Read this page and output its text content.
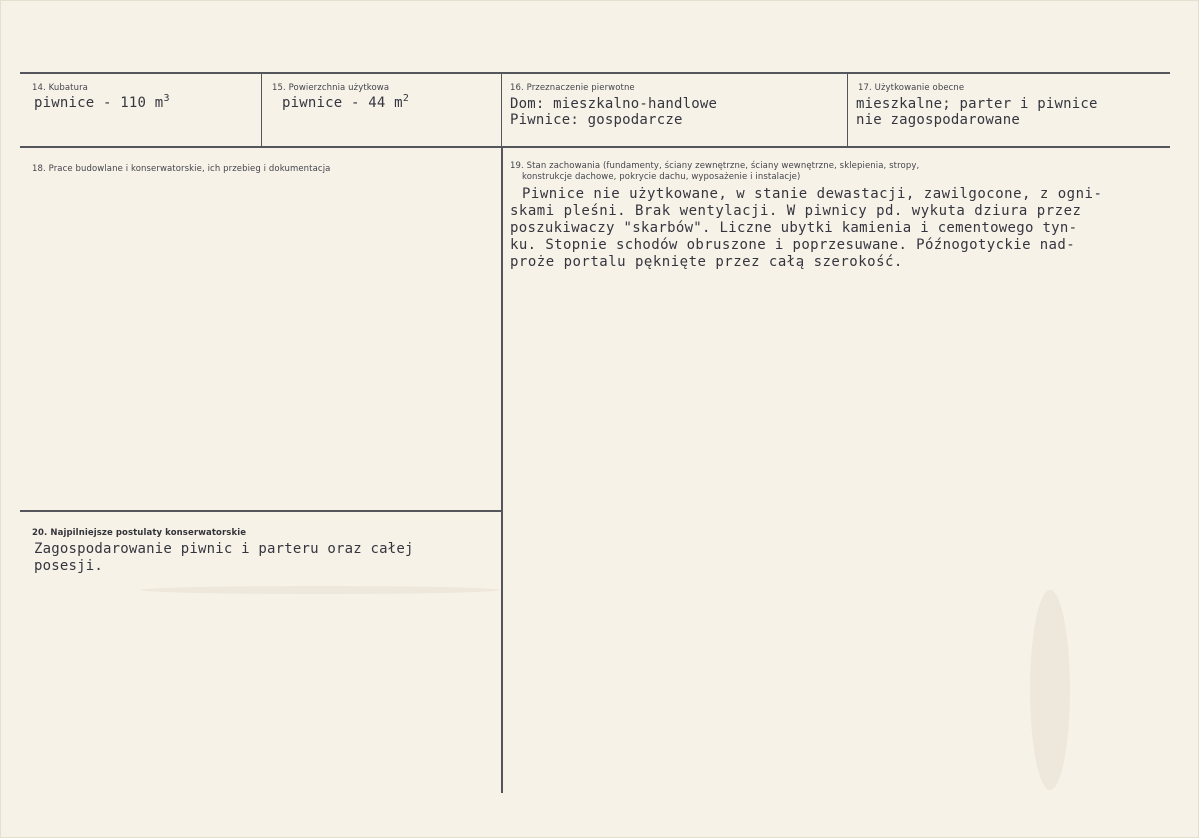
14. Kubatura
piwnice - 110 $m^3$
15. Powierzchnia użytkowa
piwnice - 44 $m^2$
16. Przeznaczenie pierwotne
Dom: mieszkalno-handlowe
Piwnice: gospodarcze
17. Użytkowanie obecne
mieszkalne; parter i piwnice
nie zagospodarowane
18. Prace budowlane i konserwatorskie, ich przebieg i dokumentacja	19. Stan zachowania (fundamenty, ściany zewnętrzne, ściany wewnętrzne, sklepienia, stropy,
konstrukcje dachowe, pokrycie dachu, wyposażenie i instalacje)
Piwnice nie użytkowane, w stanie dewastacji, zawilgocone, z ogni-
skami pleśni. Brak wentylacji. W piwnicy pd. wykuta dziura przez
poszukiwaczy "skarbów". Liczne ubytki kamienia i cementowego tyn-
ku. Stopnie schodów obruszone i poprzesuwane. Późnogotyckie nad-
proże portalu pęknięte przez całą szerokość.
20. Najpilniejsze postulaty konserwatorskie
Zagospodarowanie piwnic i parteru oraz całej
posesji.
